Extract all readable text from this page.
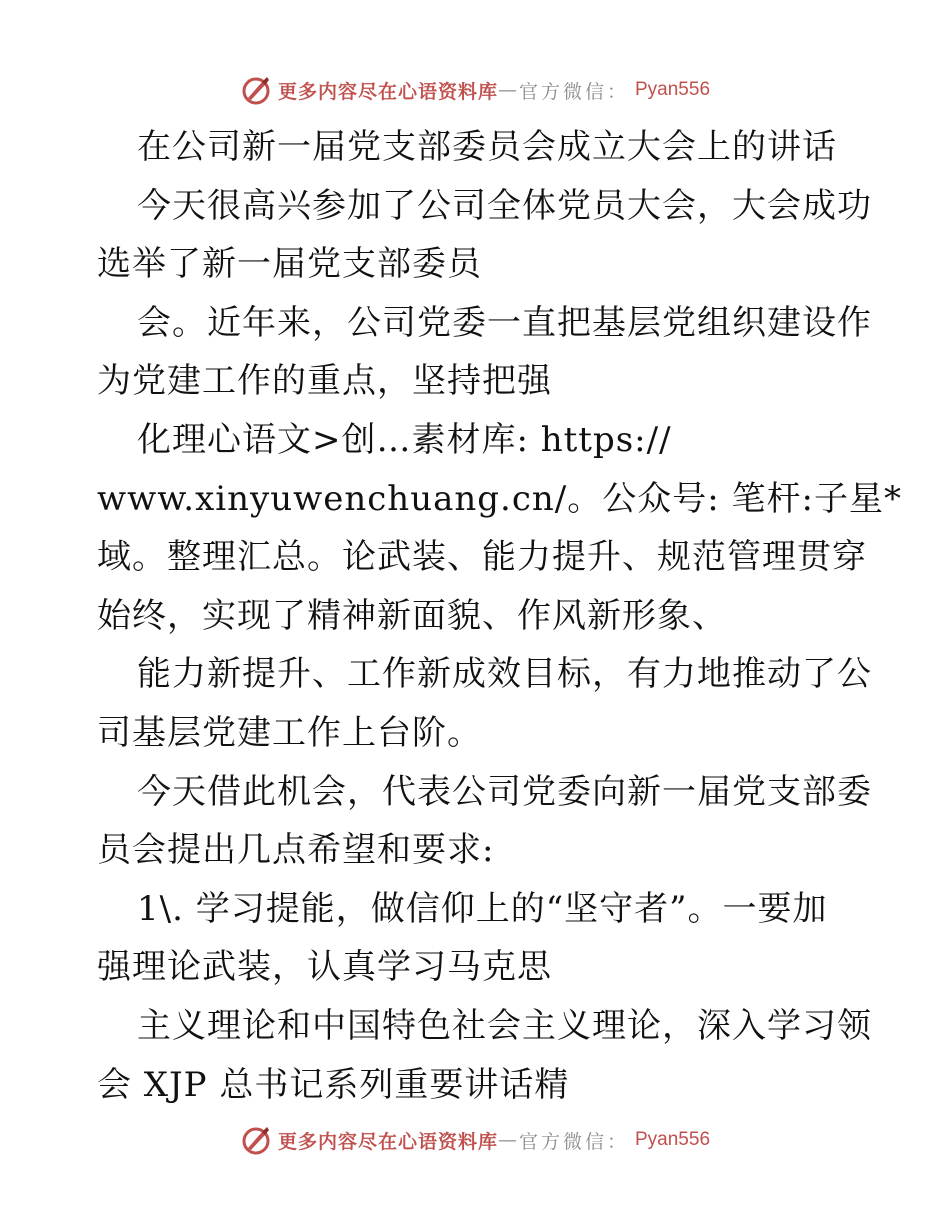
更多内容尽在心语资料库 — 官方微信： Pyan556
在公司新一届党支部委员会成立大会上的讲话
今天很高兴参加了公司全体党员大会，大会成功
选举了新一届党支部委员
会。近年来，公司党委一直把基层党组织建设作
为党建工作的重点，坚持把强
化理心语文>创…素材库: https://
www.xinyuwenchuang.cn/。公众号: 笔杆:子星*
域。整理汇总。论武装、能力提升、规范管理贯穿
始终，实现了精神新面貌、作风新形象、
能力新提升、工作新成效目标，有力地推动了公
司基层党建工作上台阶。
今天借此机会，代表公司党委向新一届党支部委
员会提出几点希望和要求:
1\. 学习提能，做信仰上的“坚守者”。一要加
强理论武装，认真学习马克思
主义理论和中国特色社会主义理论，深入学习领
会 XJP 总书记系列重要讲话精
更多内容尽在心语资料库 — 官方微信： Pyan556
